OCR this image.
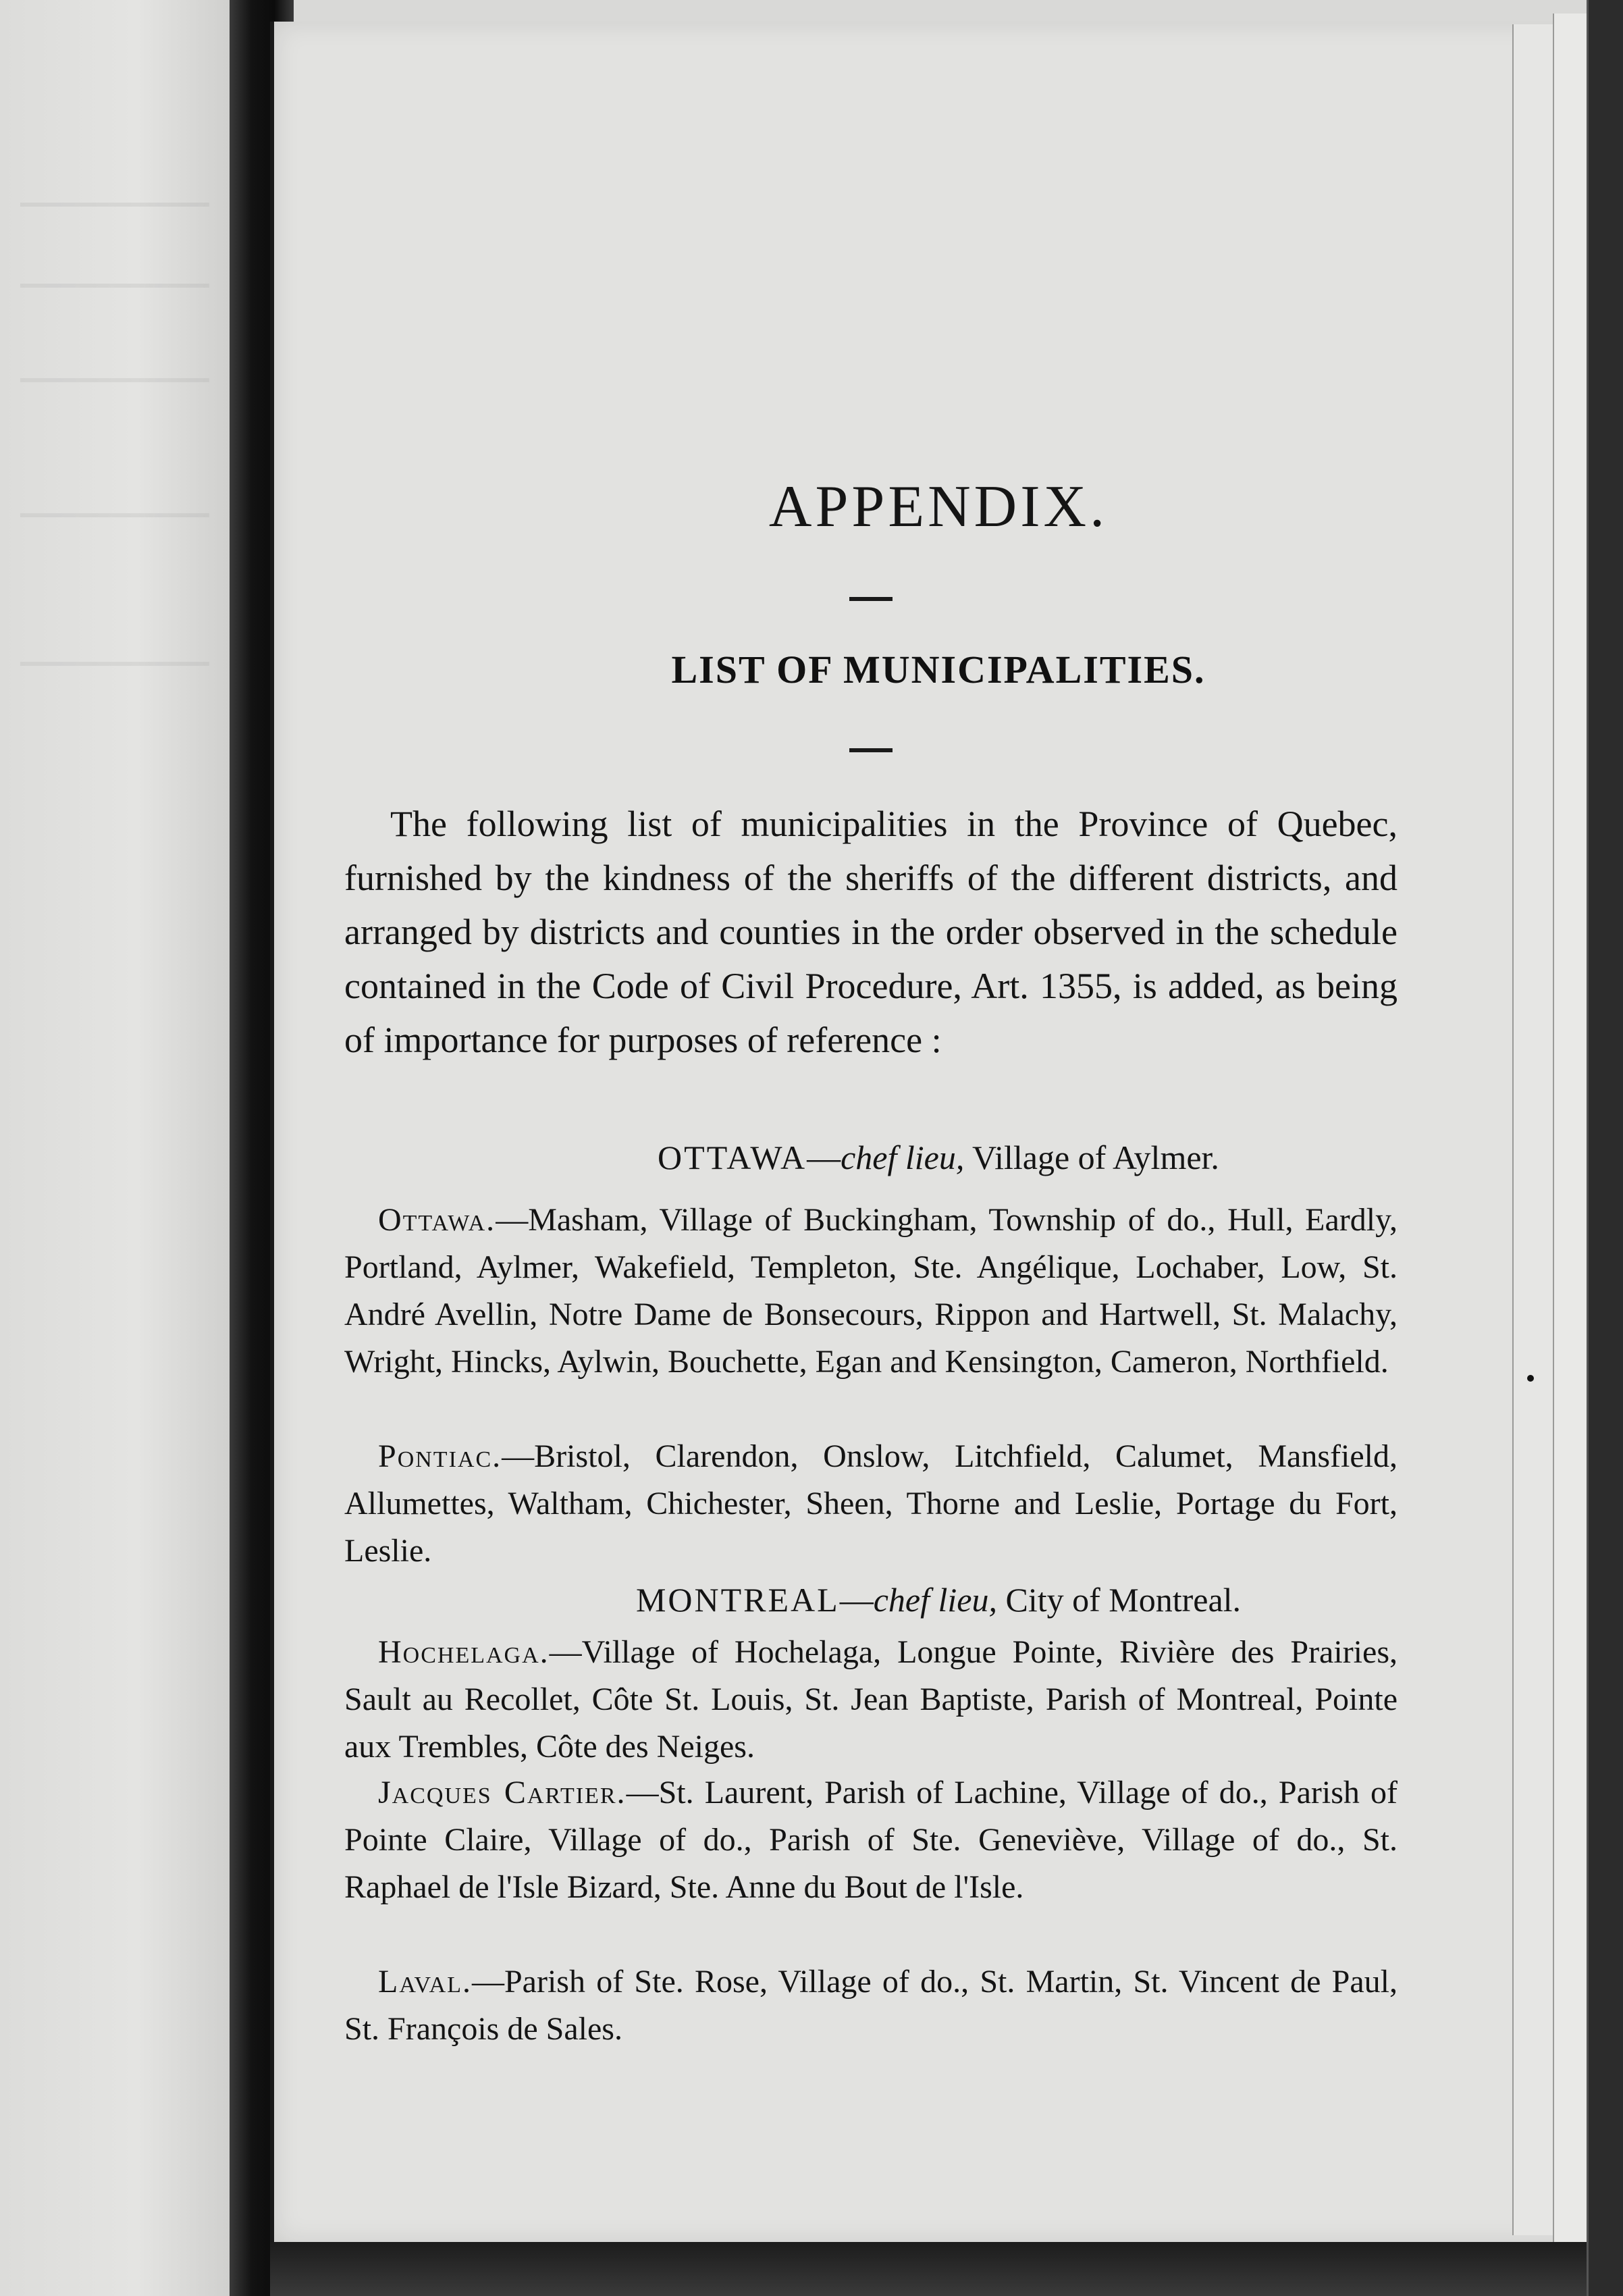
APPENDIX.
LIST OF MUNICIPALITIES.
The following list of municipalities in the Province of Quebec, furnished by the kindness of the sheriffs of the different districts, and arranged by districts and counties in the order observed in the schedule contained in the Code of Civil Procedure, Art. 1355, is added, as being of importance for purposes of reference :
OTTAWA—chef lieu, Village of Aylmer.
Ottawa.—Masham, Village of Buckingham, Township of do., Hull, Eardly, Portland, Aylmer, Wakefield, Templeton, Ste. Angélique, Lochaber, Low, St. André Avellin, Notre Dame de Bonsecours, Rippon and Hartwell, St. Malachy, Wright, Hincks, Aylwin, Bouchette, Egan and Kensington, Cameron, Northfield.
Pontiac.—Bristol, Clarendon, Onslow, Litchfield, Calumet, Mansfield, Allumettes, Waltham, Chichester, Sheen, Thorne and Leslie, Portage du Fort, Leslie.
MONTREAL—chef lieu, City of Montreal.
Hochelaga.—Village of Hochelaga, Longue Pointe, Rivière des Prairies, Sault au Recollet, Côte St. Louis, St. Jean Baptiste, Parish of Montreal, Pointe aux Trembles, Côte des Neiges.
Jacques Cartier.—St. Laurent, Parish of Lachine, Village of do., Parish of Pointe Claire, Village of do., Parish of Ste. Geneviève, Village of do., St. Raphael de l'Isle Bizard, Ste. Anne du Bout de l'Isle.
Laval.—Parish of Ste. Rose, Village of do., St. Martin, St. Vincent de Paul, St. François de Sales.
